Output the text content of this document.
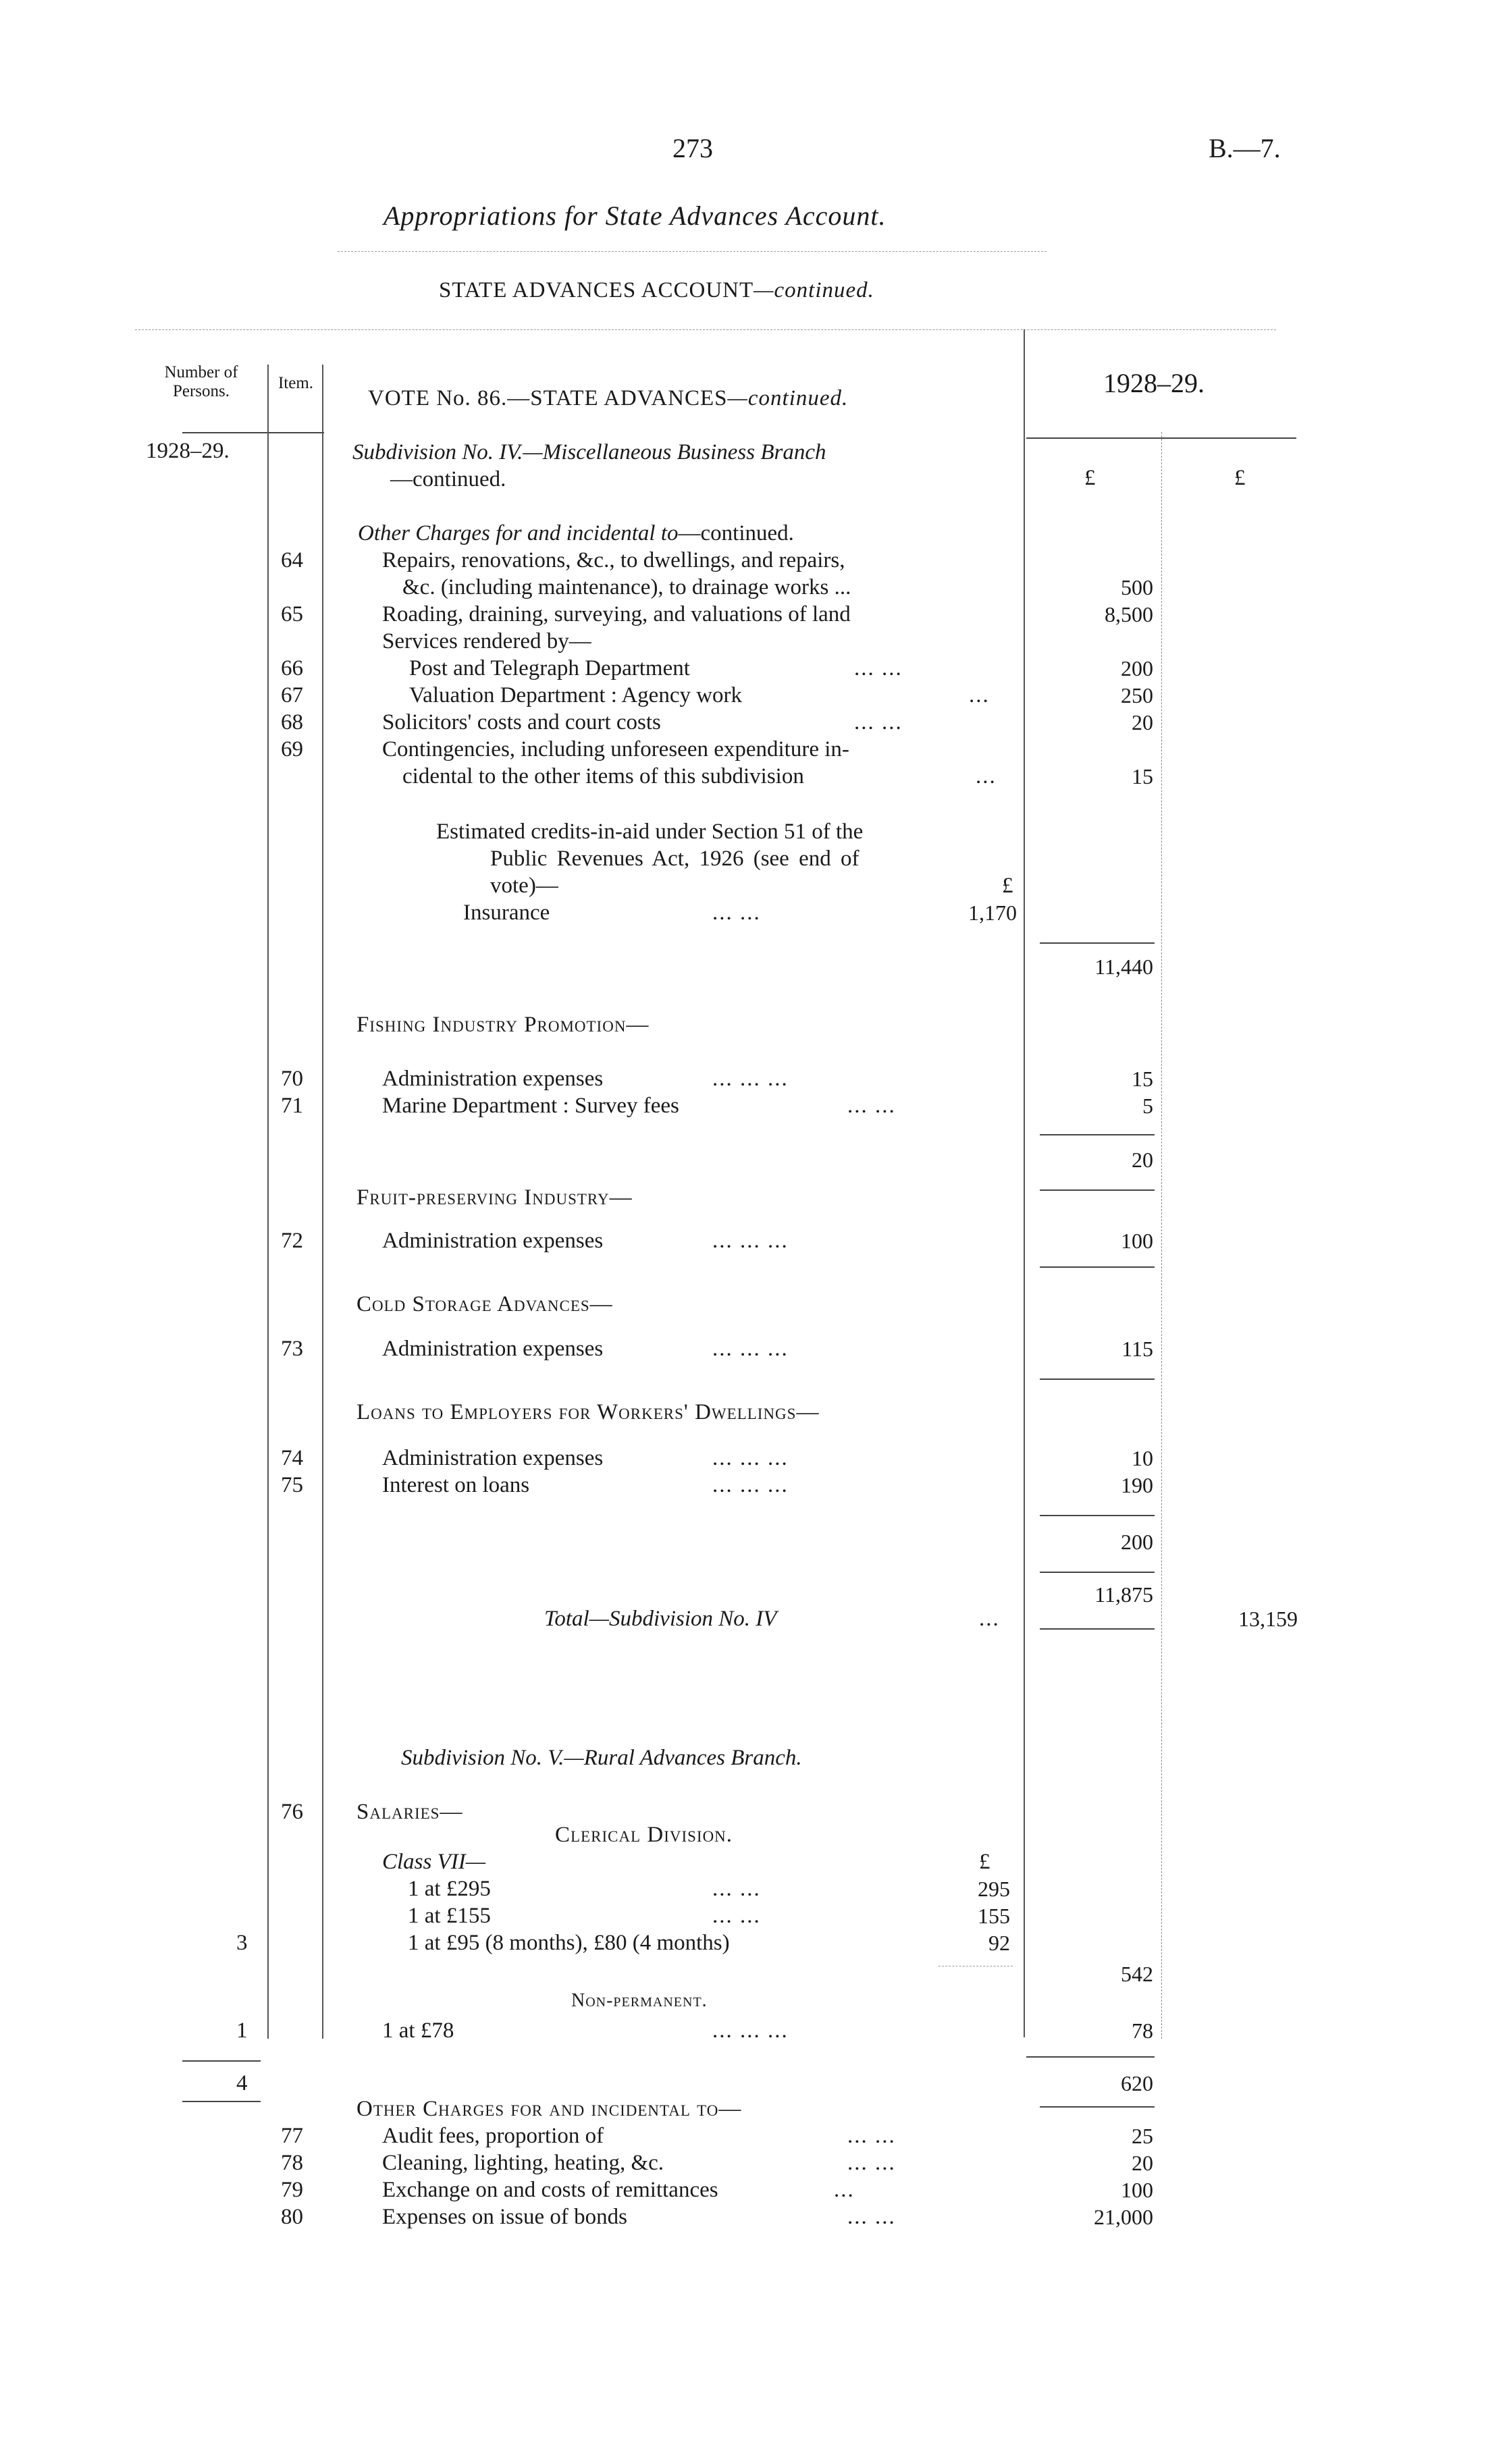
273	B.—7.
Appropriations for State Advances Account.
STATE ADVANCES ACCOUNT—continued.
Number of Persons.	Item.
VOTE No. 86.—STATE ADVANCES—continued.	1928–29.
1928–29.
£	£
Subdivision No. IV.—Miscellaneous Business Branch
—continued.
Other Charges for and incidental to—continued.
64	Repairs, renovations, &c., to dwellings, and repairs,
&c. (including maintenance), to drainage works ...	500
65	Roading, draining, surveying, and valuations of land	8,500
Services rendered by—
66	Post and Telegraph Department	... ...	200
67	Valuation Department : Agency work	...	250
68	Solicitors' costs and court costs	... ...	20
69	Contingencies, including unforeseen expenditure in-
cidental to the other items of this subdivision	...	15
Estimated credits-in-aid under Section 51 of the
Public Revenues Act, 1926 (see end of
vote)—	£
Insurance	... ...	1,170
11,440
Fishing Industry Promotion—
70	Administration expenses	... ... ...	15
71	Marine Department : Survey fees	... ...	5
20
Fruit-preserving Industry—
72	Administration expenses	... ... ...	100
Cold Storage Advances—
73	Administration expenses	... ... ...	115
Loans to Employers for Workers' Dwellings—
74	Administration expenses	... ... ...	10
75	Interest on loans	... ... ...	190
200
11,875
Total—Subdivision No. IV	...	13,159
Subdivision No. V.—Rural Advances Branch.
76 Salaries—
Clerical Division.
Class VII—	£
1 at £295	... ...	295
1 at £155	... ...	155
3	1 at £95 (8 months), £80 (4 months)	92
542
Non-permanent.
1	1 at £78	... ... ...	78
4	620
Other Charges for and incidental to—
77	Audit fees, proportion of	... ...	25
78	Cleaning, lighting, heating, &c.	... ...	20
79	Exchange on and costs of remittances	...	100
80	Expenses on issue of bonds	... ...	21,000
